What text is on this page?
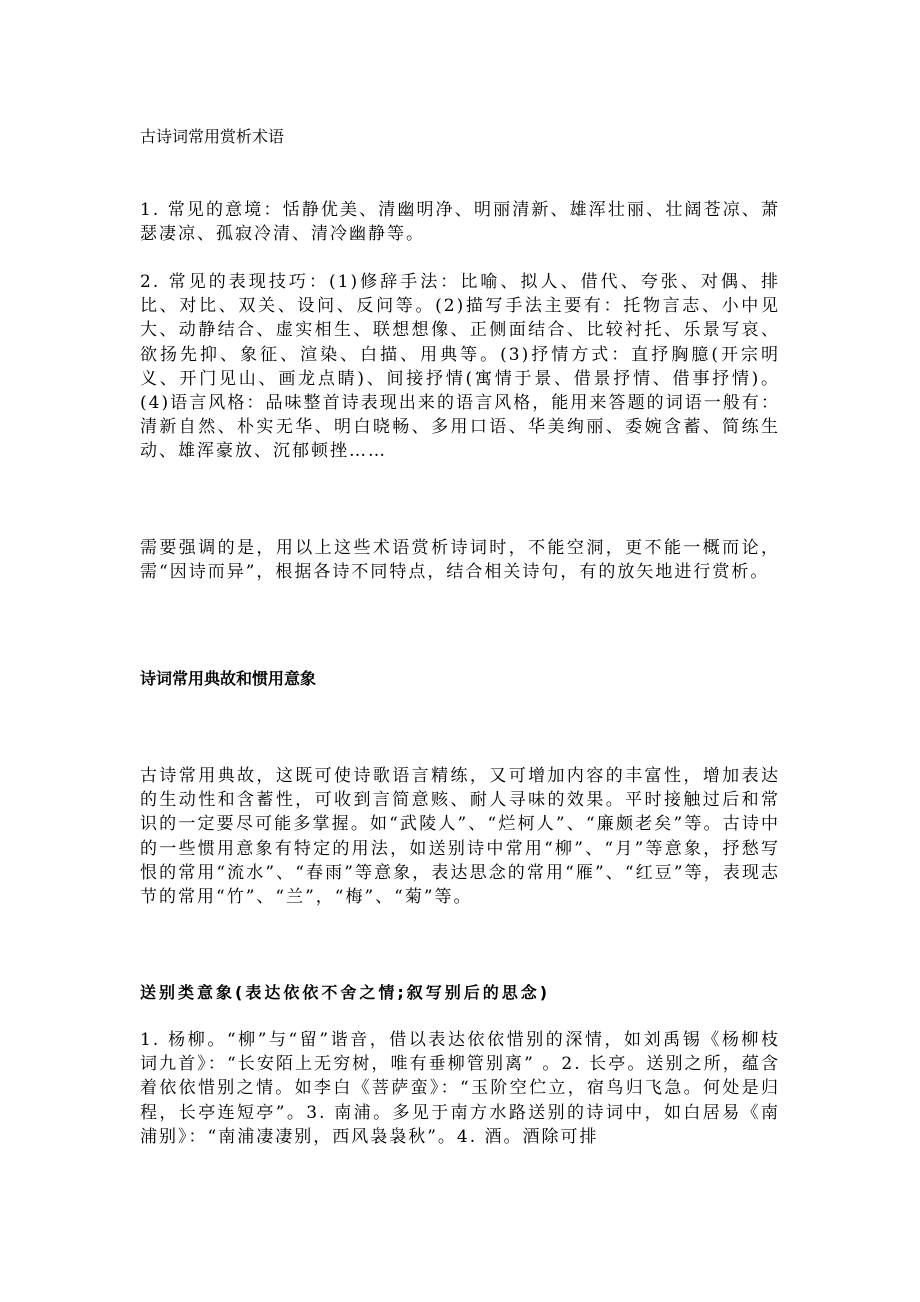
古诗词常用赏析术语
1. 常见的意境：恬静优美、清幽明净、明丽清新、雄浑壮丽、壮阔苍凉、萧瑟凄凉、孤寂冷清、清冷幽静等。
2. 常见的表现技巧：(1)修辞手法：比喻、拟人、借代、夸张、对偶、排比、对比、双关、设问、反问等。(2)描写手法主要有：托物言志、小中见大、动静结合、虚实相生、联想想像、正侧面结合、比较衬托、乐景写哀、欲扬先抑、象征、渲染、白描、用典等。(3)抒情方式：直抒胸臆(开宗明义、开门见山、画龙点睛)、间接抒情(寓情于景、借景抒情、借事抒情)。(4)语言风格：品味整首诗表现出来的语言风格，能用来答题的词语一般有：清新自然、朴实无华、明白晓畅、多用口语、华美绚丽、委婉含蓄、简练生动、雄浑豪放、沉郁顿挫……
需要强调的是，用以上这些术语赏析诗词时，不能空洞，更不能一概而论，需“因诗而异”，根据各诗不同特点，结合相关诗句，有的放矢地进行赏析。
诗词常用典故和惯用意象
古诗常用典故，这既可使诗歌语言精练，又可增加内容的丰富性，增加表达的生动性和含蓄性，可收到言简意赅、耐人寻味的效果。平时接触过后和常识的一定要尽可能多掌握。如“武陵人”、“烂柯人”、“廉颇老矣”等。古诗中的一些惯用意象有特定的用法，如送别诗中常用“柳”、“月”等意象，抒愁写恨的常用“流水”、“春雨”等意象，表达思念的常用“雁”、“红豆”等，表现志节的常用“竹”、“兰”，“梅”、“菊”等。
送别类意象(表达依依不舍之情;叙写别后的思念)
1. 杨柳。“柳”与“留”谐音，借以表达依依惜别的深情，如刘禹锡《杨柳枝词九首》：“长安陌上无穷树，唯有垂柳管别离” 。2. 长亭。送别之所，蕴含着依依惜别之情。如李白《菩萨蛮》：“玉阶空伫立，宿鸟归飞急。何处是归程，长亭连短亭”。3. 南浦。多见于南方水路送别的诗词中，如白居易《南浦别》：“南浦凄凄别，西风袅袅秋”。4. 酒。酒除可排
